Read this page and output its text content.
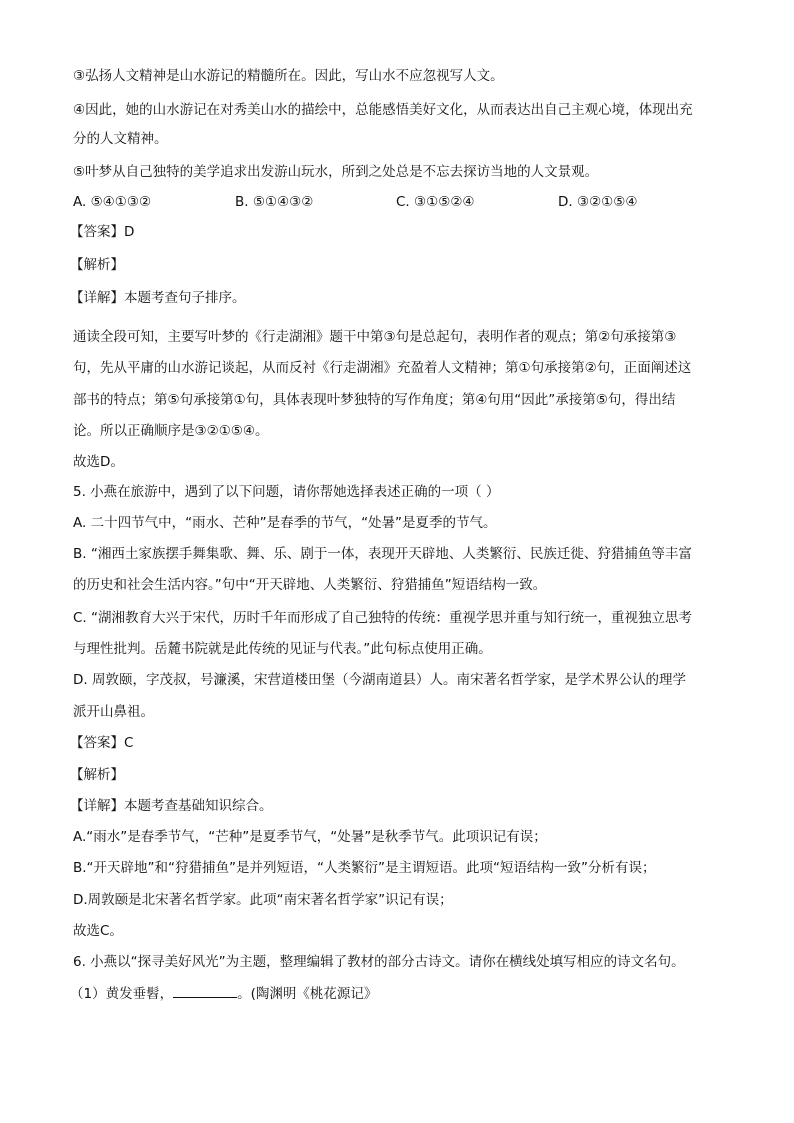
③弘扬人文精神是山水游记的精髓所在。因此，写山水不应忽视写人文。
④因此，她的山水游记在对秀美山水的描绘中，总能感悟美好文化，从而表达出自己主观心境，体现出充
分的人文精神。
⑤叶梦从自己独特的美学追求出发游山玩水，所到之处总是不忘去探访当地的人文景观。
A. ⑤④①③②	B. ⑤①④③②	C. ③①⑤②④	D. ③②①⑤④
【答案】D
【解析】
【详解】本题考查句子排序。
通读全段可知，主要写叶梦的《行走湖湘》题干中第③句是总起句，表明作者的观点；第②句承接第③
句，先从平庸的山水游记谈起，从而反衬《行走湖湘》充盈着人文精神；第①句承接第②句，正面阐述这
部书的特点；第⑤句承接第①句，具体表现叶梦独特的写作角度；第④句用“因此”承接第⑤句，得出结
论。所以正确顺序是③②①⑤④。
故选D。
5. 小燕在旅游中，遇到了以下问题，请你帮她选择表述正确的一项（ ）
A. 二十四节气中，“雨水、芒种”是春季的节气，“处暑”是夏季的节气。
B. “湘西土家族摆手舞集歌、舞、乐、剧于一体，表现开天辟地、人类繁衍、民族迁徙、狩猎捕鱼等丰富
的历史和社会生活内容。”句中“开天辟地、人类繁衍、狩猎捕鱼”短语结构一致。
C. “湖湘教育大兴于宋代，历时千年而形成了自己独特的传统：重视学思并重与知行统一，重视独立思考
与理性批判。岳麓书院就是此传统的见证与代表。”此句标点使用正确。
D. 周敦颐，字茂叔，号濂溪，宋营道楼田堡（今湖南道县）人。南宋著名哲学家，是学术界公认的理学
派开山鼻祖。
【答案】C
【解析】
【详解】本题考查基础知识综合。
A.“雨水”是春季节气，“芒种”是夏季节气，“处暑”是秋季节气。此项识记有误；
B.“开天辟地”和“狩猎捕鱼”是并列短语，“人类繁衍”是主谓短语。此项“短语结构一致”分析有误；
D.周敦颐是北宋著名哲学家。此项“南宋著名哲学家”识记有误；
故选C。
6. 小燕以“探寻美好风光”为主题，整理编辑了教材的部分古诗文。请你在横线处填写相应的诗文名句。
（1）黄发垂髫，	。(陶渊明《桃花源记》
